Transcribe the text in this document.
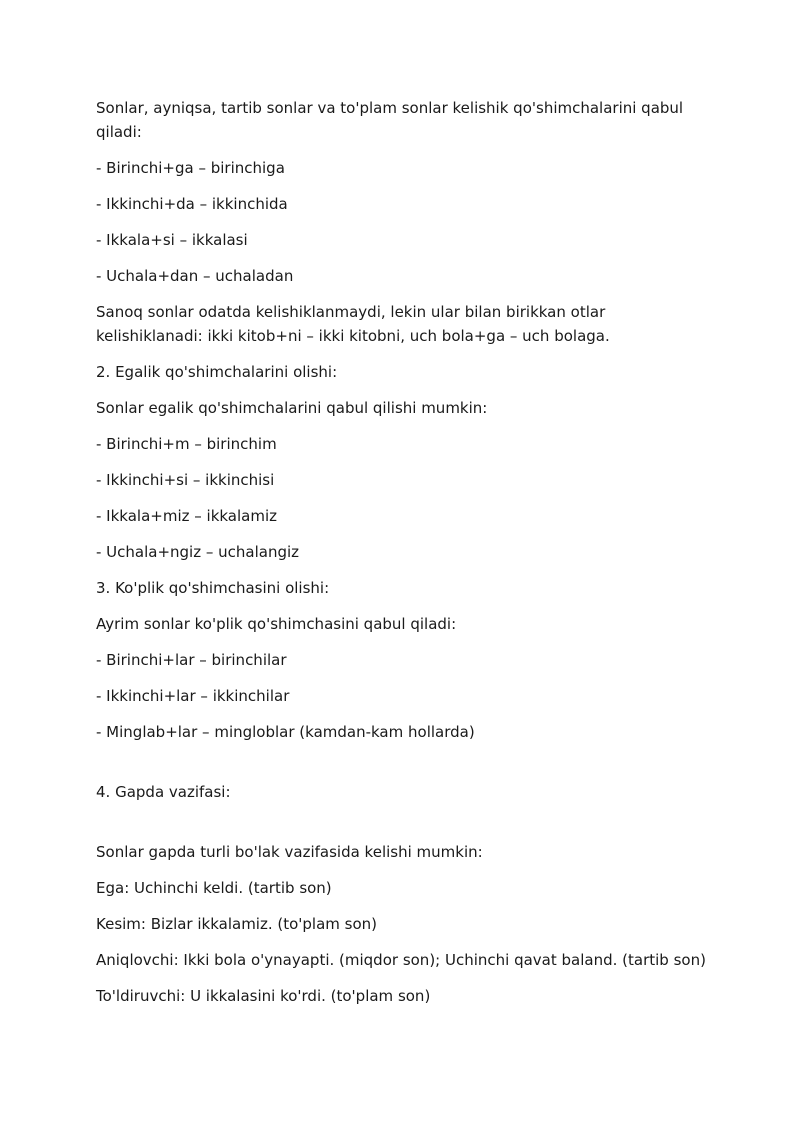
Sonlar, ayniqsa, tartib sonlar va to'plam sonlar kelishik qo'shimchalarini qabul qiladi:

- Birinchi+ga – birinchiga

- Ikkinchi+da – ikkinchida

- Ikkala+si – ikkalasi

- Uchala+dan – uchaladan

Sanoq sonlar odatda kelishiklanmaydi, lekin ular bilan birikkan otlar kelishiklanadi: ikki kitob+ni – ikki kitobni, uch bola+ga – uch bolaga.

2. Egalik qo'shimchalarini olishi:

Sonlar egalik qo'shimchalarini qabul qilishi mumkin:

- Birinchi+m – birinchim

- Ikkinchi+si – ikkinchisi

- Ikkala+miz – ikkalamiz

- Uchala+ngiz – uchalangiz

3. Ko'plik qo'shimchasini olishi:

Ayrim sonlar ko'plik qo'shimchasini qabul qiladi:

- Birinchi+lar – birinchilar

- Ikkinchi+lar – ikkinchilar

- Minglab+lar – mingloblar (kamdan-kam hollarda)

4. Gapda vazifasi:

Sonlar gapda turli bo'lak vazifasida kelishi mumkin:

Ega: Uchinchi keldi. (tartib son)

Kesim: Bizlar ikkalamiz. (to'plam son)

Aniqlovchi: Ikki bola o'ynayapti. (miqdor son); Uchinchi qavat baland. (tartib son)

To'ldiruvchi: U ikkalasini ko'rdi. (to'plam son)
